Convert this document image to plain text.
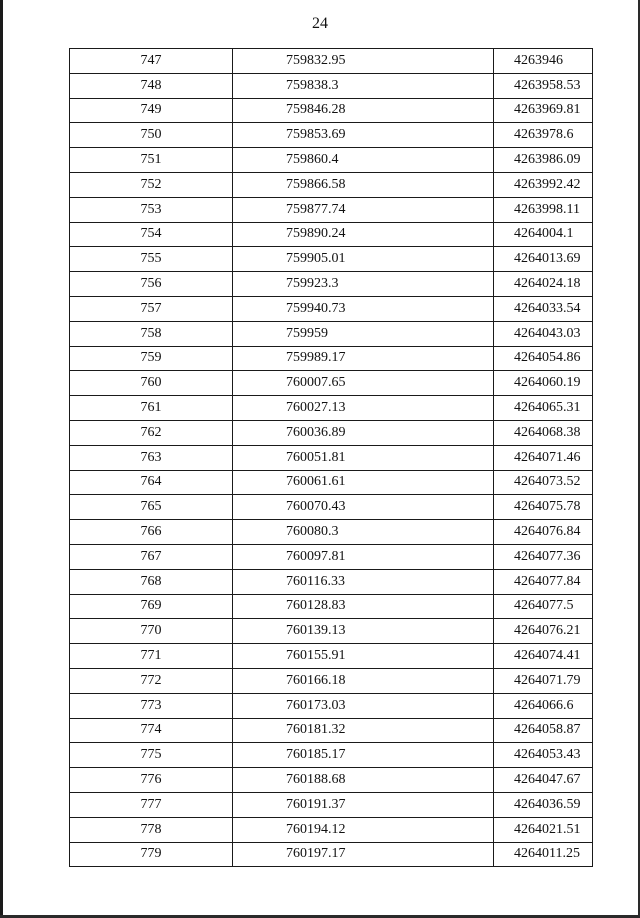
24
747	759832.95	4263946
748	759838.3	4263958.53
749	759846.28	4263969.81
750	759853.69	4263978.6
751	759860.4	4263986.09
752	759866.58	4263992.42
753	759877.74	4263998.11
754	759890.24	4264004.1
755	759905.01	4264013.69
756	759923.3	4264024.18
757	759940.73	4264033.54
758	759959	4264043.03
759	759989.17	4264054.86
760	760007.65	4264060.19
761	760027.13	4264065.31
762	760036.89	4264068.38
763	760051.81	4264071.46
764	760061.61	4264073.52
765	760070.43	4264075.78
766	760080.3	4264076.84
767	760097.81	4264077.36
768	760116.33	4264077.84
769	760128.83	4264077.5
770	760139.13	4264076.21
771	760155.91	4264074.41
772	760166.18	4264071.79
773	760173.03	4264066.6
774	760181.32	4264058.87
775	760185.17	4264053.43
776	760188.68	4264047.67
777	760191.37	4264036.59
778	760194.12	4264021.51
779	760197.17	4264011.25
